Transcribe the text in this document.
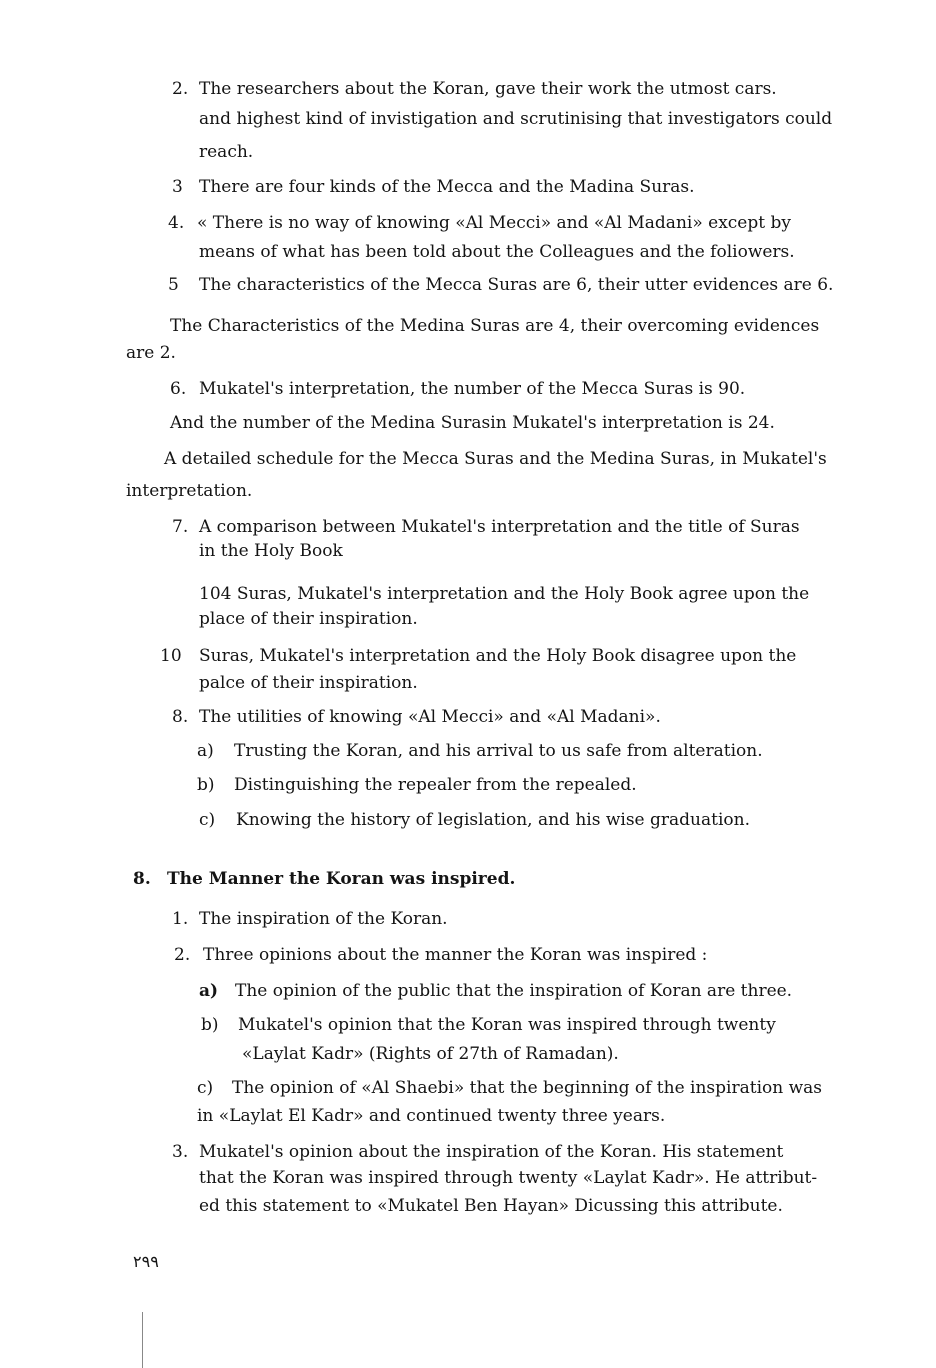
2. The researchers about the Koran, gave their work the utmost cars.
and highest kind of invistigation and scrutinising that investigators could
reach.
3 There are four kinds of the Mecca and the Madina Suras.
4. « There is no way of knowing «Al Mecci» and «Al Madani» except by
means of what has been told about the Colleagues and the foliowers.
5 The characteristics of the Mecca Suras are 6, their utter evidences are 6.
The Characteristics of the Medina Suras are 4, their overcoming evidences
are 2.
6. Mukatel's interpretation, the number of the Mecca Suras is 90.
And the number of the Medina Surasin Mukatel's interpretation is 24.
A detailed schedule for the Mecca Suras and the Medina Suras, in Mukatel's
interpretation.
7. A comparison between Mukatel's interpretation and the title of Suras
in the Holy Book
104 Suras, Mukatel's interpretation and the Holy Book agree upon the
place of their inspiration.
10 Suras, Mukatel's interpretation and the Holy Book disagree upon the
palce of their inspiration.
8. The utilities of knowing «Al Mecci» and «Al Madani».
a) Trusting the Koran, and his arrival to us safe from alteration.
b) Distinguishing the repealer from the repealed.
c) Knowing the history of legislation, and his wise graduation.
8. The Manner the Koran was inspired.
1. The inspiration of the Koran.
2. Three opinions about the manner the Koran was inspired :
a) The opinion of the public that the inspiration of Koran are three.
b) Mukatel's opinion that the Koran was inspired through twenty
«Laylat Kadr» (Rights of 27th of Ramadan).
c) The opinion of «Al Shaebi» that the beginning of the inspiration was
in «Laylat El Kadr» and continued twenty three years.
3. Mukatel's opinion about the inspiration of the Koran. His statement
that the Koran was inspired through twenty «Laylat Kadr». He attribut-
ed this statement to «Mukatel Ben Hayan» Dicussing this attribute.
٢٩٩
